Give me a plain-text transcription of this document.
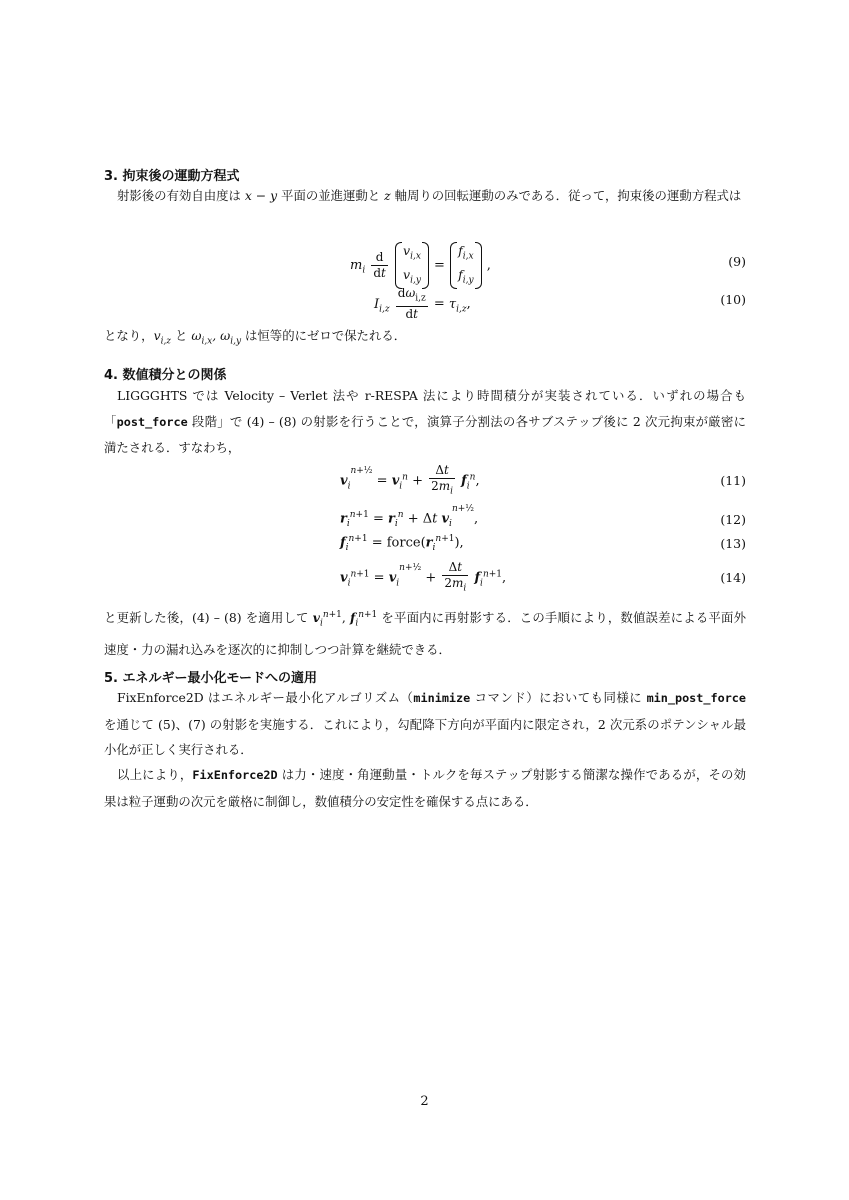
3. 拘束後の運動方程式

射影後の有効自由度は x − y 平面の並進運動と z 軸周りの回転運動のみである．従って，拘束後の運動方程式は

$m_i \frac{d}{dt}$
$v_{i,x}$
$v_{i,y}$
=
$f_{i,x}$
$f_{i,y}$
,	(9)
$I_{i,z} \frac{d\omega_{i,z}}{dt} = \tau_{i,z}$,	(10)

となり，$v_{i,z}$ と $\omega_{i,x}$, $\omega_{i,y}$ は恒等的にゼロで保たれる．

4. 数値積分との関係

LIGGGHTS では Velocity – Verlet 法や r-RESPA 法により時間積分が実装されている．いずれの場合も「post_force 段階」で (4) – (8) の射影を行うことで，演算子分割法の各サブステップ後に 2 次元拘束が厳密に満たされる．すなわち，

$v_i^{n+\frac{1}{2}} = v_i^n + \frac{\Delta t}{2m_i} f_i^n$,	(11)
$r_i^{n+1} = r_i^n + \Delta t$ $v_i^{n+\frac{1}{2}}$,	(12)
$f_i^{n+1}$ = $force(r_i^{n+1})$,	(13)
$v_i^{n+1} = v_i^{n+\frac{1}{2}} + \frac{\Delta t}{2m_i} f_i^{n+1}$,	(14)

と更新した後，(4) – (8) を適用して $v_i^{n+1}$, $f_i^{n+1}$ を平面内に再射影する．この手順により，数値誤差による平面外速度・力の漏れ込みを逐次的に抑制しつつ計算を継続できる．

5. エネルギー最小化モードへの適用

FixEnforce2D はエネルギー最小化アルゴリズム（minimize コマンド）においても同様に min_post_force を通じて (5)、(7) の射影を実施する．これにより，勾配降下方向が平面内に限定され，2 次元系のポテンシャル最小化が正しく実行される．

以上により，FixEnforce2D は力・速度・角運動量・トルクを毎ステップ射影する簡潔な操作であるが，その効果は粒子運動の次元を厳格に制御し，数値積分の安定性を確保する点にある．

2
